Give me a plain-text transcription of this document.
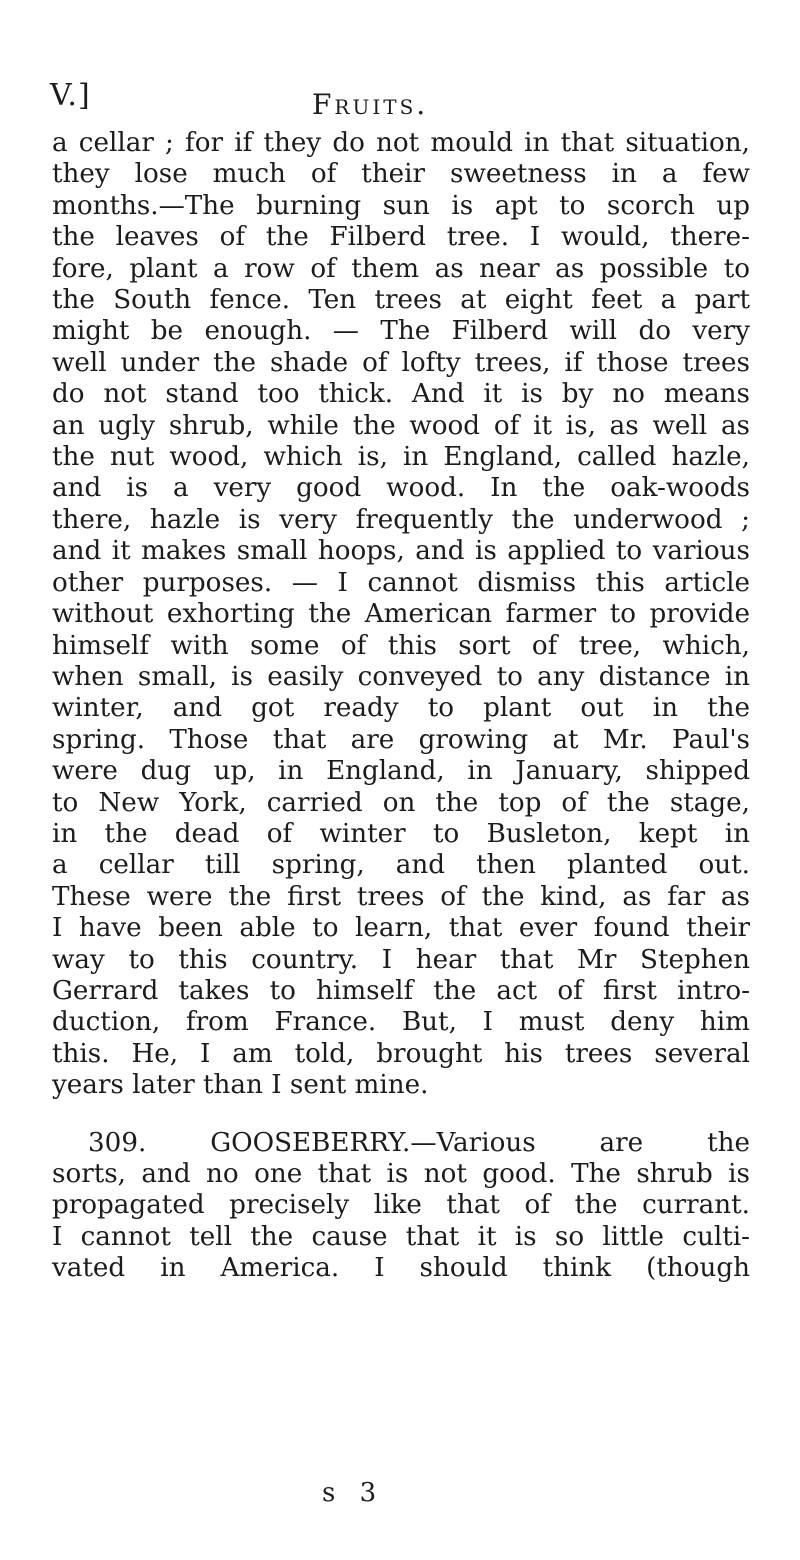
V.]	Fruits.
a cellar ; for if they do not mould in that situation,
they lose much of their sweetness in a few
months.—The burning sun is apt to scorch up
the leaves of the Filberd tree. I would, there-
fore, plant a row of them as near as possible to
the South fence. Ten trees at eight feet a part
might be enough. — The Filberd will do very
well under the shade of lofty trees, if those trees
do not stand too thick. And it is by no means
an ugly shrub, while the wood of it is, as well as
the nut wood, which is, in England, called hazle,
and is a very good wood. In the oak-woods
there, hazle is very frequently the underwood ;
and it makes small hoops, and is applied to various
other purposes. — I cannot dismiss this article
without exhorting the American farmer to provide
himself with some of this sort of tree, which,
when small, is easily conveyed to any distance in
winter, and got ready to plant out in the
spring. Those that are growing at Mr. Paul's
were dug up, in England, in January, shipped
to New York, carried on the top of the stage,
in the dead of winter to Busleton, kept in
a cellar till spring, and then planted out.
These were the first trees of the kind, as far as
I have been able to learn, that ever found their
way to this country. I hear that Mr Stephen
Gerrard takes to himself the act of first intro-
duction, from France. But, I must deny him
this. He, I am told, brought his trees several
years later than I sent mine.
309. GOOSEBERRY.—Various are the
sorts, and no one that is not good. The shrub is
propagated precisely like that of the currant.
I cannot tell the cause that it is so little culti-
vated in America. I should think (though
s 3
